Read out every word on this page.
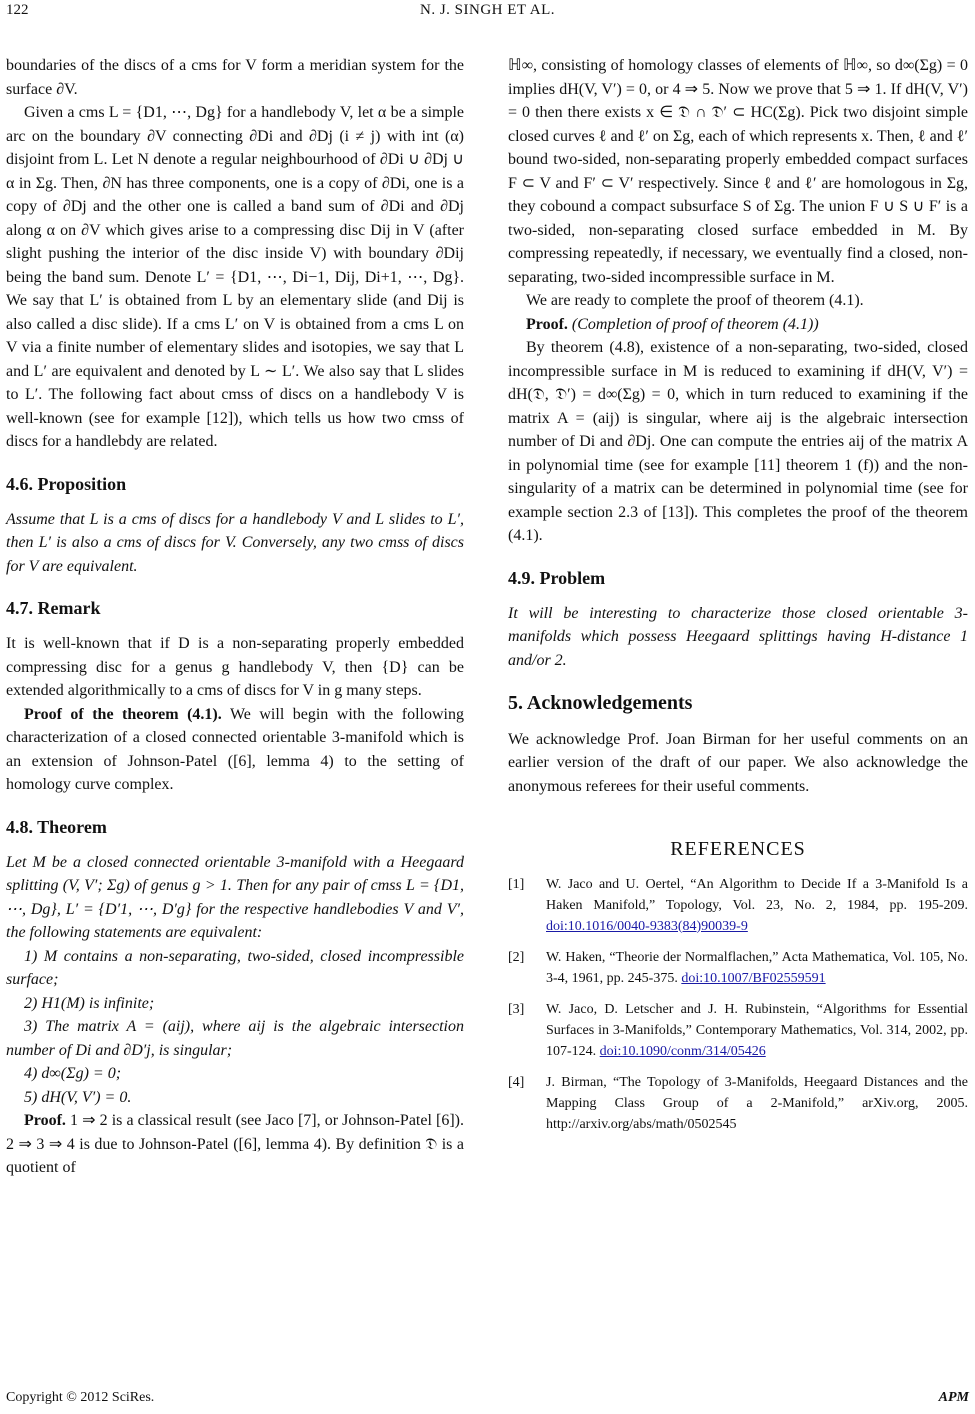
122	N. J. SINGH ET AL.

boundaries of the discs of a cms for V form a meridian system for the surface ∂V.

Given a cms L = {D1, ⋯, Dg} for a handlebody V, let α be a simple arc on the boundary ∂V connecting ∂Di and ∂Dj (i ≠ j) with int (α) disjoint from L. Let N denote a regular neighbourhood of ∂Di ∪ ∂Dj ∪ α in Σg. Then, ∂N has three components, one is a copy of ∂Di, one is a copy of ∂Dj and the other one is called a band sum of ∂Di and ∂Dj along α on ∂V which gives arise to a compressing disc Dij in V (after slight pushing the interior of the disc inside V) with boundary ∂Dij being the band sum. Denote L′ = {D1, ⋯, Di−1, Dij, Di+1, ⋯, Dg}. We say that L′ is obtained from L by an elementary slide (and Dij is also called a disc slide). If a cms L′ on V is obtained from a cms L on V via a finite number of elementary slides and isotopies, we say that L and L′ are equivalent and denoted by L ∼ L′. We also say that L slides to L′. The following fact about cmss of discs on a handlebody V is well-known (see for example [12]), which tells us how two cmss of discs for a handlebdy are related.

4.6. Proposition

Assume that L is a cms of discs for a handlebody V and L slides to L′, then L′ is also a cms of discs for V. Conversely, any two cmss of discs for V are equivalent.

4.7. Remark

It is well-known that if D is a non-separating properly embedded compressing disc for a genus g handlebody V, then {D} can be extended algorithmically to a cms of discs for V in g many steps.

Proof of the theorem (4.1). We will begin with the following characterization of a closed connected orientable 3-manifold which is an extension of Johnson-Patel ([6], lemma 4) to the setting of homology curve complex.

4.8. Theorem

Let M be a closed connected orientable 3-manifold with a Heegaard splitting (V, V′; Σg) of genus g > 1. Then for any pair of cmss L = {D1, ⋯, Dg}, L′ = {D′1, ⋯, D′g} for the respective handlebodies V and V′, the following statements are equivalent:

1) M contains a non-separating, two-sided, closed incompressible surface;

2) H1(M) is infinite;

3) The matrix A = (aij), where aij is the algebraic intersection number of Di and ∂D′j, is singular;

4) d∞(Σg) = 0;

5) dH(V, V′) = 0.

Proof. 1 ⇒ 2 is a classical result (see Jaco [7], or Johnson-Patel [6]). 2 ⇒ 3 ⇒ 4 is due to Johnson-Patel ([6], lemma 4). By definition 𝔇 is a quotient of

ℍ∞, consisting of homology classes of elements of ℍ∞, so d∞(Σg) = 0 implies dH(V, V′) = 0, or 4 ⇒ 5. Now we prove that 5 ⇒ 1. If dH(V, V′) = 0 then there exists x ∈ 𝔇 ∩ 𝔇′ ⊂ HC(Σg). Pick two disjoint simple closed curves ℓ and ℓ′ on Σg, each of which represents x. Then, ℓ and ℓ′ bound two-sided, non-separating properly embedded compact surfaces F ⊂ V and F′ ⊂ V′ respectively. Since ℓ and ℓ′ are homologous in Σg, they cobound a compact subsurface S of Σg. The union F ∪ S ∪ F′ is a two-sided, non-separating closed surface embedded in M. By compressing repeatedly, if necessary, we eventually find a closed, non-separating, two-sided incompressible surface in M.

We are ready to complete the proof of theorem (4.1).

Proof. (Completion of proof of theorem (4.1))

By theorem (4.8), existence of a non-separating, two-sided, closed incompressible surface in M is reduced to examining if dH(V, V′) = dH(𝔇, 𝔇′) = d∞(Σg) = 0, which in turn reduced to examining if the matrix A = (aij) is singular, where aij is the algebraic intersection number of Di and ∂Dj. One can compute the entries aij of the matrix A in polynomial time (see for example [11] theorem 1 (f)) and the non-singularity of a matrix can be determined in polynomial time (see for example section 2.3 of [13]). This completes the proof of the theorem (4.1).

4.9. Problem

It will be interesting to characterize those closed orientable 3-manifolds which possess Heegaard splittings having H-distance 1 and/or 2.

5. Acknowledgements

We acknowledge Prof. Joan Birman for her useful comments on an earlier version of the draft of our paper. We also acknowledge the anonymous referees for their useful comments.

REFERENCES
[1]	W. Jaco and U. Oertel, “An Algorithm to Decide If a 3-Manifold Is a Haken Manifold,” Topology, Vol. 23, No. 2, 1984, pp. 195-209. doi:10.1016/0040-9383(84)90039-9
[2]	W. Haken, “Theorie der Normalflachen,” Acta Mathematica, Vol. 105, No. 3-4, 1961, pp. 245-375. doi:10.1007/BF02559591
[3]	W. Jaco, D. Letscher and J. H. Rubinstein, “Algorithms for Essential Surfaces in 3-Manifolds,” Contemporary Mathematics, Vol. 314, 2002, pp. 107-124. doi:10.1090/conm/314/05426
[4]	J. Birman, “The Topology of 3-Manifolds, Heegaard Distances and the Mapping Class Group of a 2-Manifold,” arXiv.org, 2005. http://arxiv.org/abs/math/0502545
Copyright © 2012 SciRes.	APM
